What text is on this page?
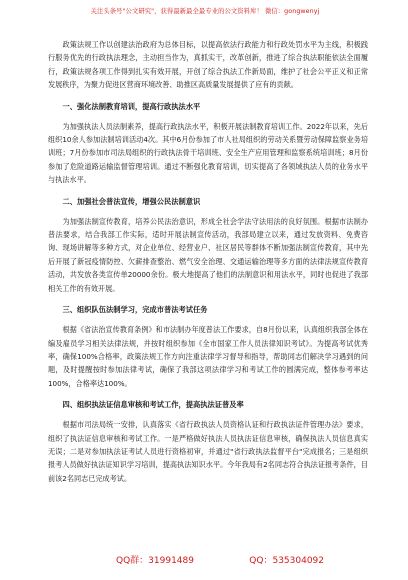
关注头条号"公文研究"，获得最新最全最专业的公文资料库！ 微信：gongwenyj

政策法规工作以创建法治政府为总体目标，以提高依法行政能力和行政处罚水平为主线，积极践行服务优先的行政执法理念，主动担当作为，真抓实干，改革创新，推进了综合执法职能依法全面履行，政策法规各项工作得到扎实有效开展，开创了综合执法工作新局面，维护了社会公平正义和正常发展秩序，为聚力促进区营商环境改善、助推区高质量发展提供了应有的贡献。

一、强化法制教育培训，提高行政执法水平

为加强执法人员法制素养，提高行政执法水平，积极开展法制教育培训工作。2022年以来，先后组织10余人参加法制培训活动4次。其中6月份参加了市人社局组织的劳动关系暨劳动保障监察业务培训班；7月份参加市司法局组织的行政执法骨干培训班、安全生产应用管理和监察系统培训班；8月份参加了危险道路运输监督管理培训。通过不断强化教育培训，切实提高了各领域执法人员的业务水平与执法水平。

二、加强社会普法宣传，增强公民法制意识

为加强法制宣传教育，培养公民法治意识，形成全社会学法守法用法的良好氛围。根据市法制办普法要求，结合我部工作实际，适时开展法制宣传活动，我部局建立以来，通过发放资料、免费咨询、现场讲解等多种方式，对企业单位、经营业户、社区居民等群体不断加强法制宣传教育，其中先后开展了新冠疫情防控、欠薪排查整治、燃气安全治理、交通运输治理等多方面的法律法规宣传教育活动，共发放各类宣传单20000余份。极大地提高了他们的法制意识和用法水平，同时也促进了我部相关工作的有效开展。

三、组织队伍法制学习，完成市普法考试任务

根据《省法治宣传教育条例》和市法制办年度普法工作要求，自8月份以来，认真组织我部全体在编及雇员学习相关法律法规，并按时组织参加《全市国家工作人员法律知识考试》。为提高考试优秀率，确保100%合格率，政策法规工作方向注重法律学习督导和指导，帮助同志们解决学习遇到的问题，及时提醒按时参加法律考试，确保了我部这项法律学习和考试工作的圆满完成，整体参考率达100%，合格率达100%。

四、组织执法证信息审核和考试工作，提高执法证普及率

根据市司法局统一安排，认真落实《省行政执法人员资格认证和行政执法证件管理办法》要求，组织了执法证信息审核和考试工作。一是严格做好执法人员执法证信息审核，确保执法人员信息真实无误；二是对参加执法证考试人员进行资格初审，并通过"省行政执法监督平台"完成报名；三是组织报考人员做好执法证知识学习培训，提高执法知识水平。今年我局有2名同志符合执法证报考条件，目前该2名同志已完成考试。

QQ群：31991489	QQ：535304092
